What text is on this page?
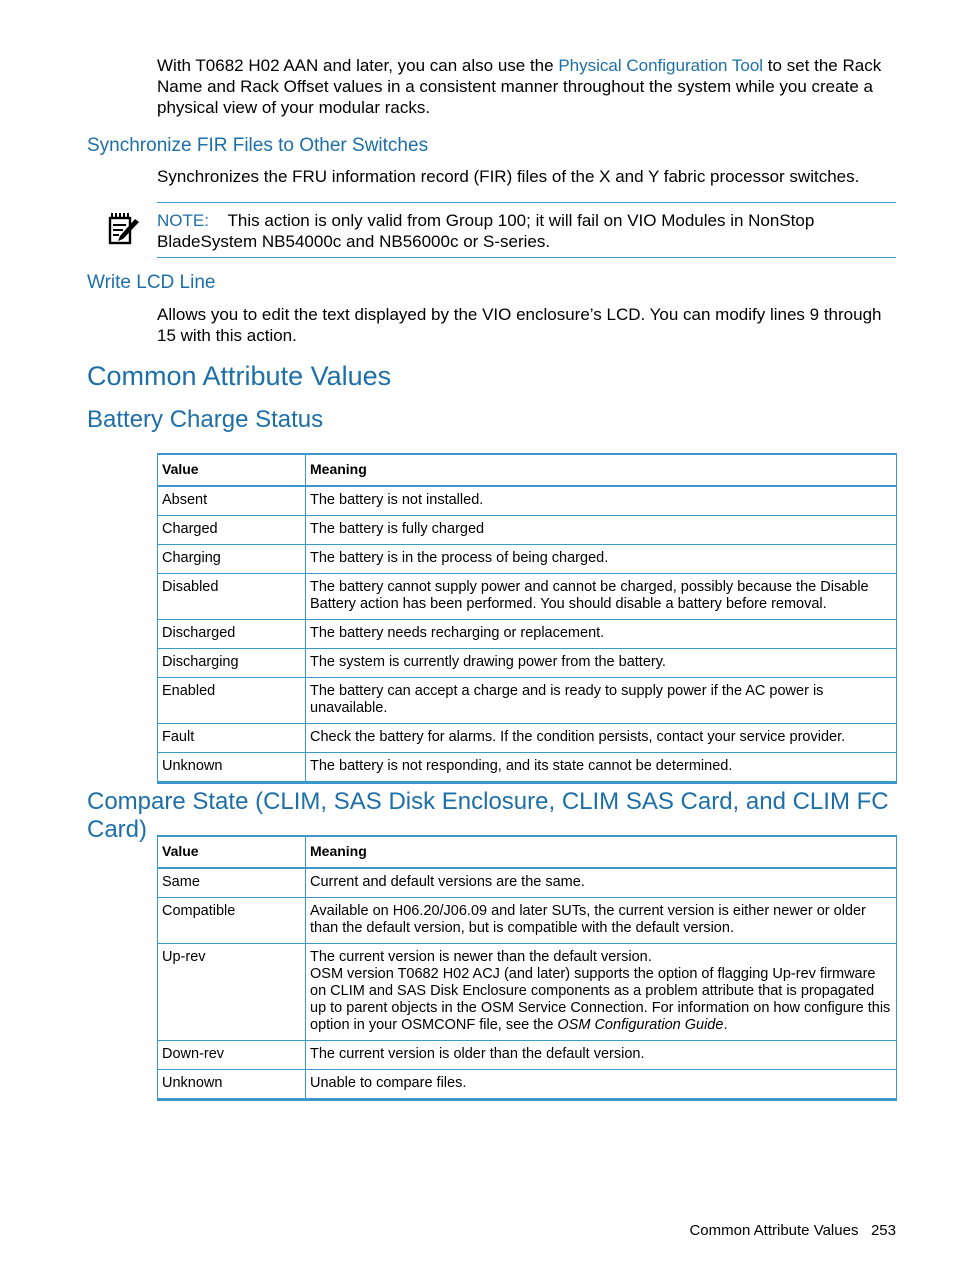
With T0682 H02 AAN and later, you can also use the Physical Configuration Tool to set the Rack Name and Rack Offset values in a consistent manner throughout the system while you create a physical view of your modular racks.
Synchronize FIR Files to Other Switches
Synchronizes the FRU information record (FIR) files of the X and Y fabric processor switches.
NOTE: This action is only valid from Group 100; it will fail on VIO Modules in NonStop BladeSystem NB54000c and NB56000c or S-series.
Write LCD Line
Allows you to edit the text displayed by the VIO enclosure’s LCD. You can modify lines 9 through 15 with this action.
Common Attribute Values
Battery Charge Status
Value	Meaning
Absent	The battery is not installed.
Charged	The battery is fully charged
Charging	The battery is in the process of being charged.
Disabled	The battery cannot supply power and cannot be charged, possibly because the Disable Battery action has been performed. You should disable a battery before removal.
Discharged	The battery needs recharging or replacement.
Discharging	The system is currently drawing power from the battery.
Enabled	The battery can accept a charge and is ready to supply power if the AC power is unavailable.
Fault	Check the battery for alarms. If the condition persists, contact your service provider.
Unknown	The battery is not responding, and its state cannot be determined.
Compare State (CLIM, SAS Disk Enclosure, CLIM SAS Card, and CLIM FC Card)
Value	Meaning
Same	Current and default versions are the same.
Compatible	Available on H06.20/J06.09 and later SUTs, the current version is either newer or older than the default version, but is compatible with the default version.
Up-rev	The current version is newer than the default version.
OSM version T0682 H02 ACJ (and later) supports the option of flagging Up-rev firmware on CLIM and SAS Disk Enclosure components as a problem attribute that is propagated up to parent objects in the OSM Service Connection. For information on how configure this option in your OSMCONF file, see the OSM Configuration Guide.

Down-rev	The current version is older than the default version.
Unknown	Unable to compare files.
Common Attribute Values 253
